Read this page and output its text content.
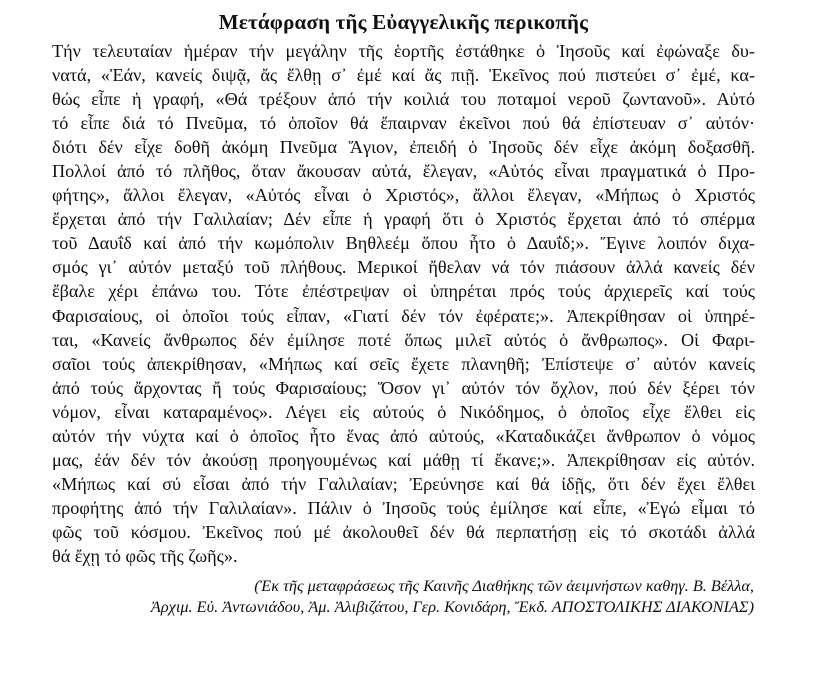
Μετάφραση τῆς Εὐαγγελικῆς περικοπῆς
Τήν τελευταίαν ἡμέραν τήν μεγάλην τῆς ἑορτῆς ἐστάθηκε ὁ Ἰησοῦς καί ἐφώναξε δυ-
νατά, «Ἐάν, κανείς διψᾷ, ἄς ἔλθῃ σ᾿ ἐμέ καί ἄς πιῇ. Ἐκεῖνος πού πιστεύει σ᾿ ἐμέ, κα-
θώς εἶπε ἡ γραφή, «Θά τρέξουν ἀπό τήν κοιλιά του ποταμοί νεροῦ ζωντανοῦ». Αὐτό
τό εἶπε διά τό Πνεῦμα, τό ὁποῖον θά ἔπαιρναν ἐκεῖνοι πού θά ἐπίστευαν σ᾿ αὐτόν·
διότι δέν εἶχε δοθῆ ἀκόμη Πνεῦμα Ἅγιον, ἐπειδή ὁ Ἰησοῦς δέν εἶχε ἀκόμη δοξασθῆ.
Πολλοί ἀπό τό πλῆθος, ὅταν ἄκουσαν αὐτά, ἔλεγαν, «Αὐτός εἶναι πραγματικά ὁ Προ-
φήτης», ἄλλοι ἔλεγαν, «Αὐτός εἶναι ὁ Χριστός», ἄλλοι ἔλεγαν, «Μήπως ὁ Χριστός
ἔρχεται ἀπό τήν Γαλιλαίαν; Δέν εἶπε ἡ γραφή ὅτι ὁ Χριστός ἔρχεται ἀπό τό σπέρμα
τοῦ Δαυΐδ καί ἀπό τήν κωμόπολιν Βηθλεέμ ὅπου ἦτο ὁ Δαυΐδ;». Ἔγινε λοιπόν διχα-
σμός γι᾿ αὐτόν μεταξύ τοῦ πλήθους. Μερικοί ἤθελαν νά τόν πιάσουν ἀλλά κανείς δέν
ἔβαλε χέρι ἐπάνω του. Τότε ἐπέστρεψαν οἱ ὑπηρέται πρός τούς ἀρχιερεῖς καί τούς
Φαρισαίους, οἱ ὁποῖοι τούς εἶπαν, «Γιατί δέν τόν ἐφέρατε;». Ἀπεκρίθησαν οἱ ὑπηρέ-
ται, «Κανείς ἄνθρωπος δέν ἐμίλησε ποτέ ὅπως μιλεῖ αὐτός ὁ ἄνθρωπος». Οἱ Φαρι-
σαῖοι τούς ἀπεκρίθησαν, «Μήπως καί σεῖς ἔχετε πλανηθῆ; Ἐπίστεψε σ᾿ αὐτόν κανείς
ἀπό τούς ἄρχοντας ἤ τούς Φαρισαίους; Ὅσον γι᾿ αὐτόν τόν ὄχλον, πού δέν ξέρει τόν
νόμον, εἶναι καταραμένος». Λέγει εἰς αὐτούς ὁ Νικόδημος, ὁ ὁποῖος εἶχε ἔλθει εἰς
αὐτόν τήν νύχτα καί ὁ ὁποῖος ἦτο ἕνας ἀπό αὐτούς, «Καταδικάζει ἄνθρωπον ὁ νόμος
μας, ἐάν δέν τόν ἀκούσῃ προηγουμένως καί μάθῃ τί ἔκανε;». Ἀπεκρίθησαν εἰς αὐτόν.
«Μήπως καί σύ εἶσαι ἀπό τήν Γαλιλαίαν; Ἐρεύνησε καί θά ἰδῇς, ὅτι δέν ἔχει ἔλθει
προφήτης ἀπό τήν Γαλιλαίαν». Πάλιν ὁ Ἰησοῦς τούς ἐμίλησε καί εἶπε, «Ἐγώ εἶμαι τό
φῶς τοῦ κόσμου. Ἐκεῖνος πού μέ ἀκολουθεῖ δέν θά περπατήσῃ εἰς τό σκοτάδι ἀλλά
θά ἔχῃ τό φῶς τῆς ζωῆς».
(Ἐκ τῆς μεταφράσεως τῆς Καινῆς Διαθήκης τῶν ἀειμνήστων καθηγ. Β. Βέλλα,
Ἀρχιμ. Εὐ. Ἀντωνιάδου, Ἀμ. Ἀλιβιζάτου, Γερ. Κονιδάρη, Ἔκδ. ΑΠΟΣΤΟΛΙΚΗΣ ΔΙΑΚΟΝΙΑΣ)
